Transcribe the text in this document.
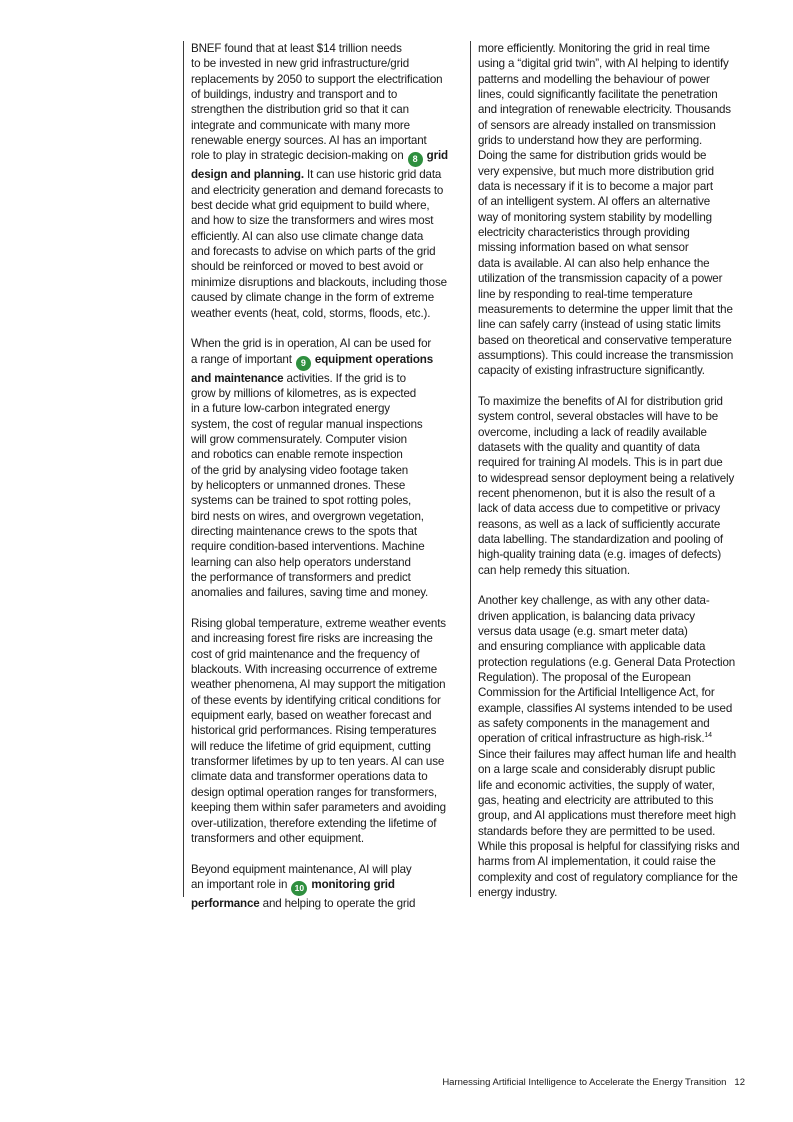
BNEF found that at least $14 trillion needs
to be invested in new grid infrastructure/grid
replacements by 2050 to support the electrification
of buildings, industry and transport and to
strengthen the distribution grid so that it can
integrate and communicate with many more
renewable energy sources. AI has an important
role to play in strategic decision-making on 8 grid
design and planning. It can use historic grid data
and electricity generation and demand forecasts to
best decide what grid equipment to build where,
and how to size the transformers and wires most
efficiently. AI can also use climate change data
and forecasts to advise on which parts of the grid
should be reinforced or moved to best avoid or
minimize disruptions and blackouts, including those
caused by climate change in the form of extreme
weather events (heat, cold, storms, floods, etc.).
When the grid is in operation, AI can be used for
a range of important 9 equipment operations
and maintenance activities. If the grid is to
grow by millions of kilometres, as is expected
in a future low-carbon integrated energy
system, the cost of regular manual inspections
will grow commensurately. Computer vision
and robotics can enable remote inspection
of the grid by analysing video footage taken
by helicopters or unmanned drones. These
systems can be trained to spot rotting poles,
bird nests on wires, and overgrown vegetation,
directing maintenance crews to the spots that
require condition-based interventions. Machine
learning can also help operators understand
the performance of transformers and predict
anomalies and failures, saving time and money.
Rising global temperature, extreme weather events
and increasing forest fire risks are increasing the
cost of grid maintenance and the frequency of
blackouts. With increasing occurrence of extreme
weather phenomena, AI may support the mitigation
of these events by identifying critical conditions for
equipment early, based on weather forecast and
historical grid performances. Rising temperatures
will reduce the lifetime of grid equipment, cutting
transformer lifetimes by up to ten years. AI can use
climate data and transformer operations data to
design optimal operation ranges for transformers,
keeping them within safer parameters and avoiding
over-utilization, therefore extending the lifetime of
transformers and other equipment.
Beyond equipment maintenance, AI will play
an important role in 10 monitoring grid
performance and helping to operate the grid
more efficiently. Monitoring the grid in real time
using a “digital grid twin”, with AI helping to identify
patterns and modelling the behaviour of power
lines, could significantly facilitate the penetration
and integration of renewable electricity. Thousands
of sensors are already installed on transmission
grids to understand how they are performing.
Doing the same for distribution grids would be
very expensive, but much more distribution grid
data is necessary if it is to become a major part
of an intelligent system. AI offers an alternative
way of monitoring system stability by modelling
electricity characteristics through providing
missing information based on what sensor
data is available. AI can also help enhance the
utilization of the transmission capacity of a power
line by responding to real-time temperature
measurements to determine the upper limit that the
line can safely carry (instead of using static limits
based on theoretical and conservative temperature
assumptions). This could increase the transmission
capacity of existing infrastructure significantly.
To maximize the benefits of AI for distribution grid
system control, several obstacles will have to be
overcome, including a lack of readily available
datasets with the quality and quantity of data
required for training AI models. This is in part due
to widespread sensor deployment being a relatively
recent phenomenon, but it is also the result of a
lack of data access due to competitive or privacy
reasons, as well as a lack of sufficiently accurate
data labelling. The standardization and pooling of
high-quality training data (e.g. images of defects)
can help remedy this situation.
Another key challenge, as with any other data-
driven application, is balancing data privacy
versus data usage (e.g. smart meter data)
and ensuring compliance with applicable data
protection regulations (e.g. General Data Protection
Regulation). The proposal of the European
Commission for the Artificial Intelligence Act, for
example, classifies AI systems intended to be used
as safety components in the management and
operation of critical infrastructure as high-risk.$^{14}$
Since their failures may affect human life and health
on a large scale and considerably disrupt public
life and economic activities, the supply of water,
gas, heating and electricity are attributed to this
group, and AI applications must therefore meet high
standards before they are permitted to be used.
While this proposal is helpful for classifying risks and
harms from AI implementation, it could raise the
complexity and cost of regulatory compliance for the
energy industry.
Harnessing Artificial Intelligence to Accelerate the Energy Transition 12
